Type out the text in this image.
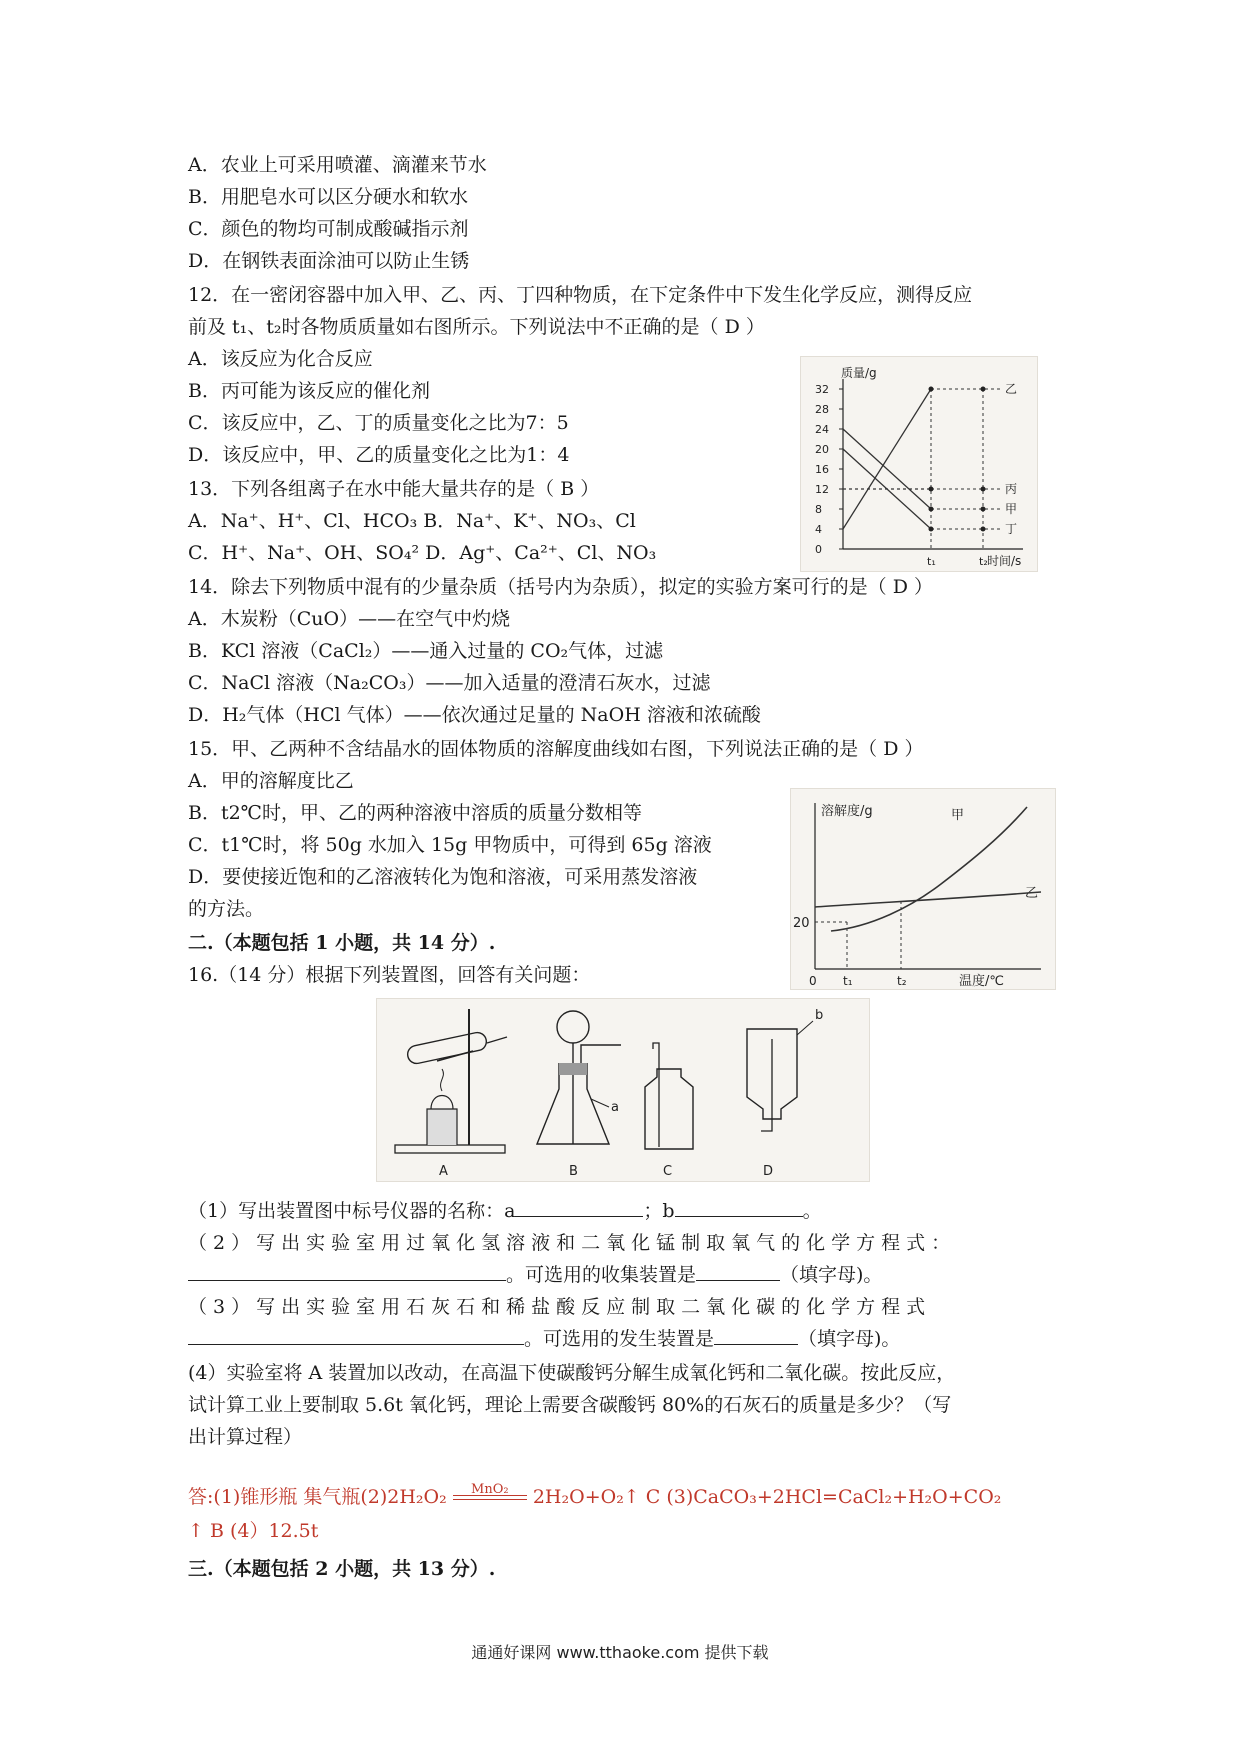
A．农业上可采用喷灌、滴灌来节水
B．用肥皂水可以区分硬水和软水
C．颜色的物均可制成酸碱指示剂
D．在钢铁表面涂油可以防止生锈
12．在一密闭容器中加入甲、乙、丙、丁四种物质，在下定条件中下发生化学反应，测得反应
前及 t₁、t₂时各物质质量如右图所示。下列说法中不正确的是（ D ）
A．该反应为化合反应
B．丙可能为该反应的催化剂
C．该反应中，乙、丁的质量变化之比为7：5
D．该反应中，甲、乙的质量变化之比为1：4
质量/g
时间/s
32
28
24
20
16
12
8
4
0
t₁	t₂
乙
丙
甲
丁
13．下列各组离子在水中能大量共存的是（ B ）
A．Na⁺、H⁺、Cl、HCO₃ B．Na⁺、K⁺、NO₃、Cl
C．H⁺、Na⁺、OH、SO₄² D．Ag⁺、Ca²⁺、Cl、NO₃
14．除去下列物质中混有的少量杂质（括号内为杂质），拟定的实验方案可行的是（ D ）
A．木炭粉（CuO）——在空气中灼烧
B．KCl 溶液（CaCl₂）——通入过量的 CO₂气体，过滤
C．NaCl 溶液（Na₂CO₃）——加入适量的澄清石灰水，过滤
D．H₂气体（HCl 气体）——依次通过足量的 NaOH 溶液和浓硫酸
15．甲、乙两种不含结晶水的固体物质的溶解度曲线如右图，下列说法正确的是（ D ）
A．甲的溶解度比乙
B．t2℃时，甲、乙的两种溶液中溶质的质量分数相等
C．t1℃时，将 50g 水加入 15g 甲物质中，可得到 65g 溶液
D．要使接近饱和的乙溶液转化为饱和溶液，可采用蒸发溶液
的方法。
溶解度/g
温度/℃
甲
乙
20
0 t₁	t₂
二.（本题包括 1 小题，共 14 分）.
16.（14 分）根据下列装置图，回答有关问题：
A
a
B	C
b
D
（1）写出装置图中标号仪器的名称：a	；b	。
（2）写出实验室用过氧化氢溶液和二氧化锰制取氧气的化学方程式：
。可选用的收集装置是	（填字母)。
（3）写出实验室用石灰石和稀盐酸反应制取二氧化碳的化学方程式
。可选用的发生装置是	（填字母)。
(4）实验室将 A 装置加以改动，在高温下使碳酸钙分解生成氧化钙和二氧化碳。按此反应，
试计算工业上要制取 5.6t 氧化钙，理论上需要含碳酸钙 80%的石灰石的质量是多少？（写
出计算过程）
答:(1)锥形瓶 集气瓶(2)2H₂O₂	MnO₂	2H₂O+O₂↑ C (3)CaCO₃+2HCl=CaCl₂+H₂O+CO₂
↑ B (4）12.5t
三.（本题包括 2 小题，共 13 分）.
通通好课网 www.tthaoke.com 提供下载
